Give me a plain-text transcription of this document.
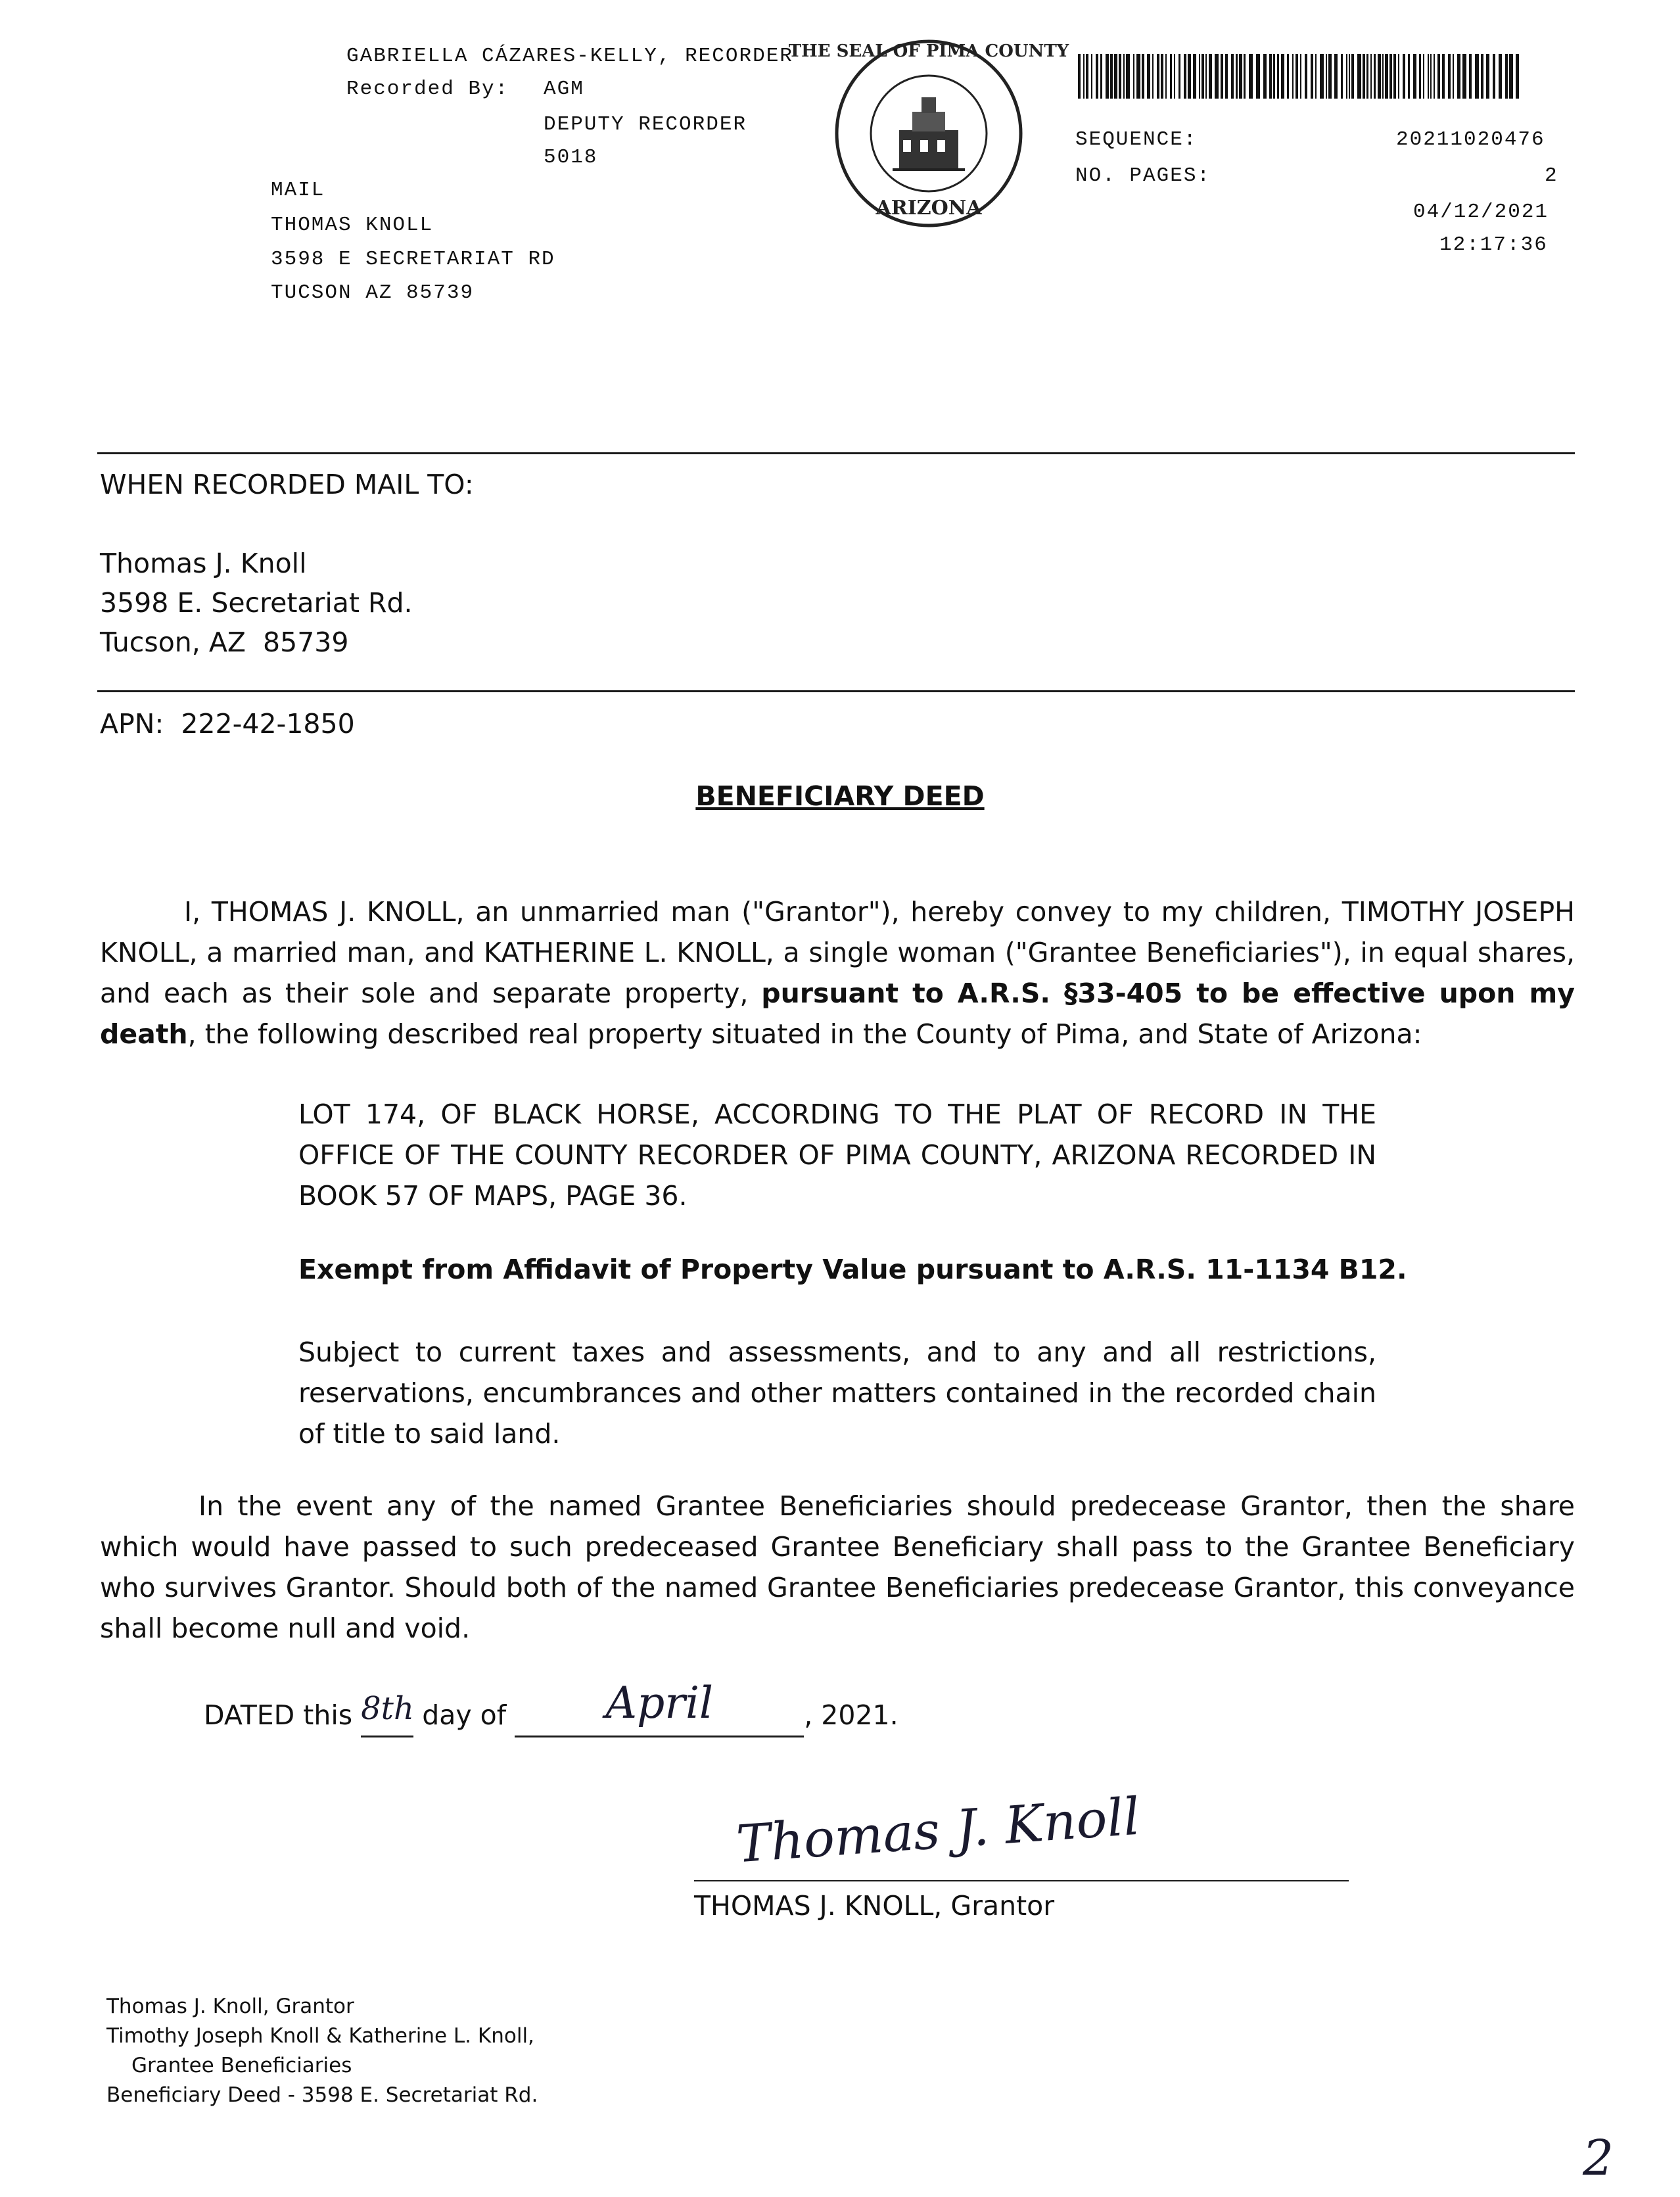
GABRIELLA CÁZARES-KELLY, RECORDER
Recorded By: AGM
DEPUTY RECORDER
5018
MAIL
THOMAS KNOLL
3598 E SECRETARIAT RD
TUCSON AZ 85739
THE SEAL OF PIMA COUNTY
ARIZONA
SEQUENCE:	20211020476
NO. PAGES:	2
04/12/2021
12:17:36
WHEN RECORDED MAIL TO:
Thomas J. Knoll
3598 E. Secretariat Rd.
Tucson, AZ  85739
APN:  222-42-1850
BENEFICIARY DEED
I, THOMAS J. KNOLL, an unmarried man ("Grantor"), hereby convey to my children, TIMOTHY JOSEPH KNOLL, a married man, and KATHERINE L. KNOLL, a single woman ("Grantee Beneficiaries"), in equal shares, and each as their sole and separate property, pursuant to A.R.S. §33-405 to be effective upon my death, the following described real property situated in the County of Pima, and State of Arizona:
LOT 174, OF BLACK HORSE, ACCORDING TO THE PLAT OF RECORD IN THE OFFICE OF THE COUNTY RECORDER OF PIMA COUNTY, ARIZONA RECORDED IN BOOK 57 OF MAPS, PAGE 36.
Exempt from Affidavit of Property Value pursuant to A.R.S. 11-1134 B12.
Subject to current taxes and assessments, and to any and all restrictions, reservations, encumbrances and other matters contained in the recorded chain of title to said land.
In the event any of the named Grantee Beneficiaries should predecease Grantor, then the share which would have passed to such predeceased Grantee Beneficiary shall pass to the Grantee Beneficiary who survives Grantor. Should both of the named Grantee Beneficiaries predecease Grantor, this conveyance shall become null and void.
DATED this 8th day of April	, 2021.
Thomas J. Knoll
THOMAS J. KNOLL, Grantor
Thomas J. Knoll, Grantor
Timothy Joseph Knoll & Katherine L. Knoll,
Grantee Beneficiaries
Beneficiary Deed - 3598 E. Secretariat Rd.
2
